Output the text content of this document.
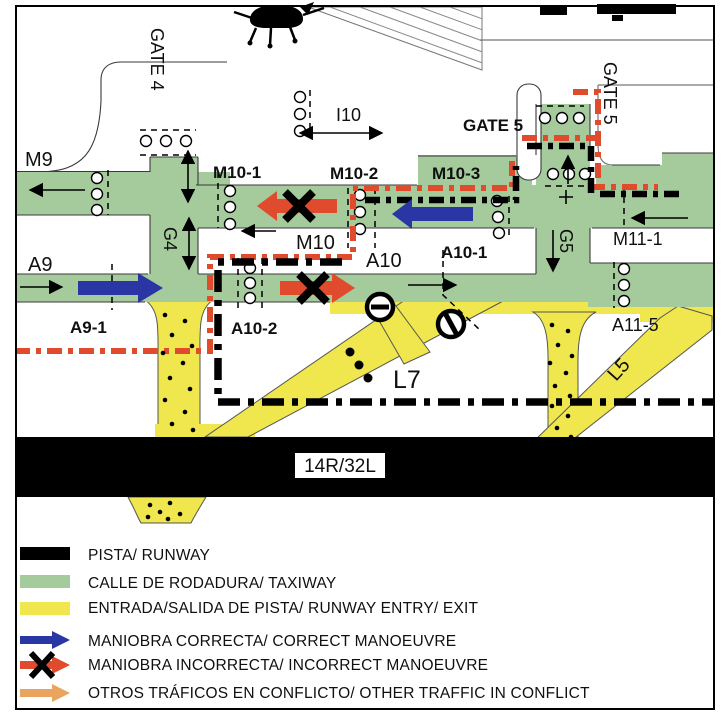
14R/32L
GATE 4
I10
GATE 5
GATE 5
M9
M10-1	M10-2	M10-3
G4	M10
A10 A10-1	G5 M11-1
A9
A9-1	A10-2
L7
A11-5
L5
PISTA/ RUNWAY
CALLE DE RODADURA/ TAXIWAY
ENTRADA/SALIDA DE PISTA/ RUNWAY ENTRY/ EXIT
MANIOBRA CORRECTA/ CORRECT MANOEUVRE
MANIOBRA INCORRECTA/ INCORRECT MANOEUVRE
OTROS TRÁFICOS EN CONFLICTO/ OTHER TRAFFIC IN CONFLICT
